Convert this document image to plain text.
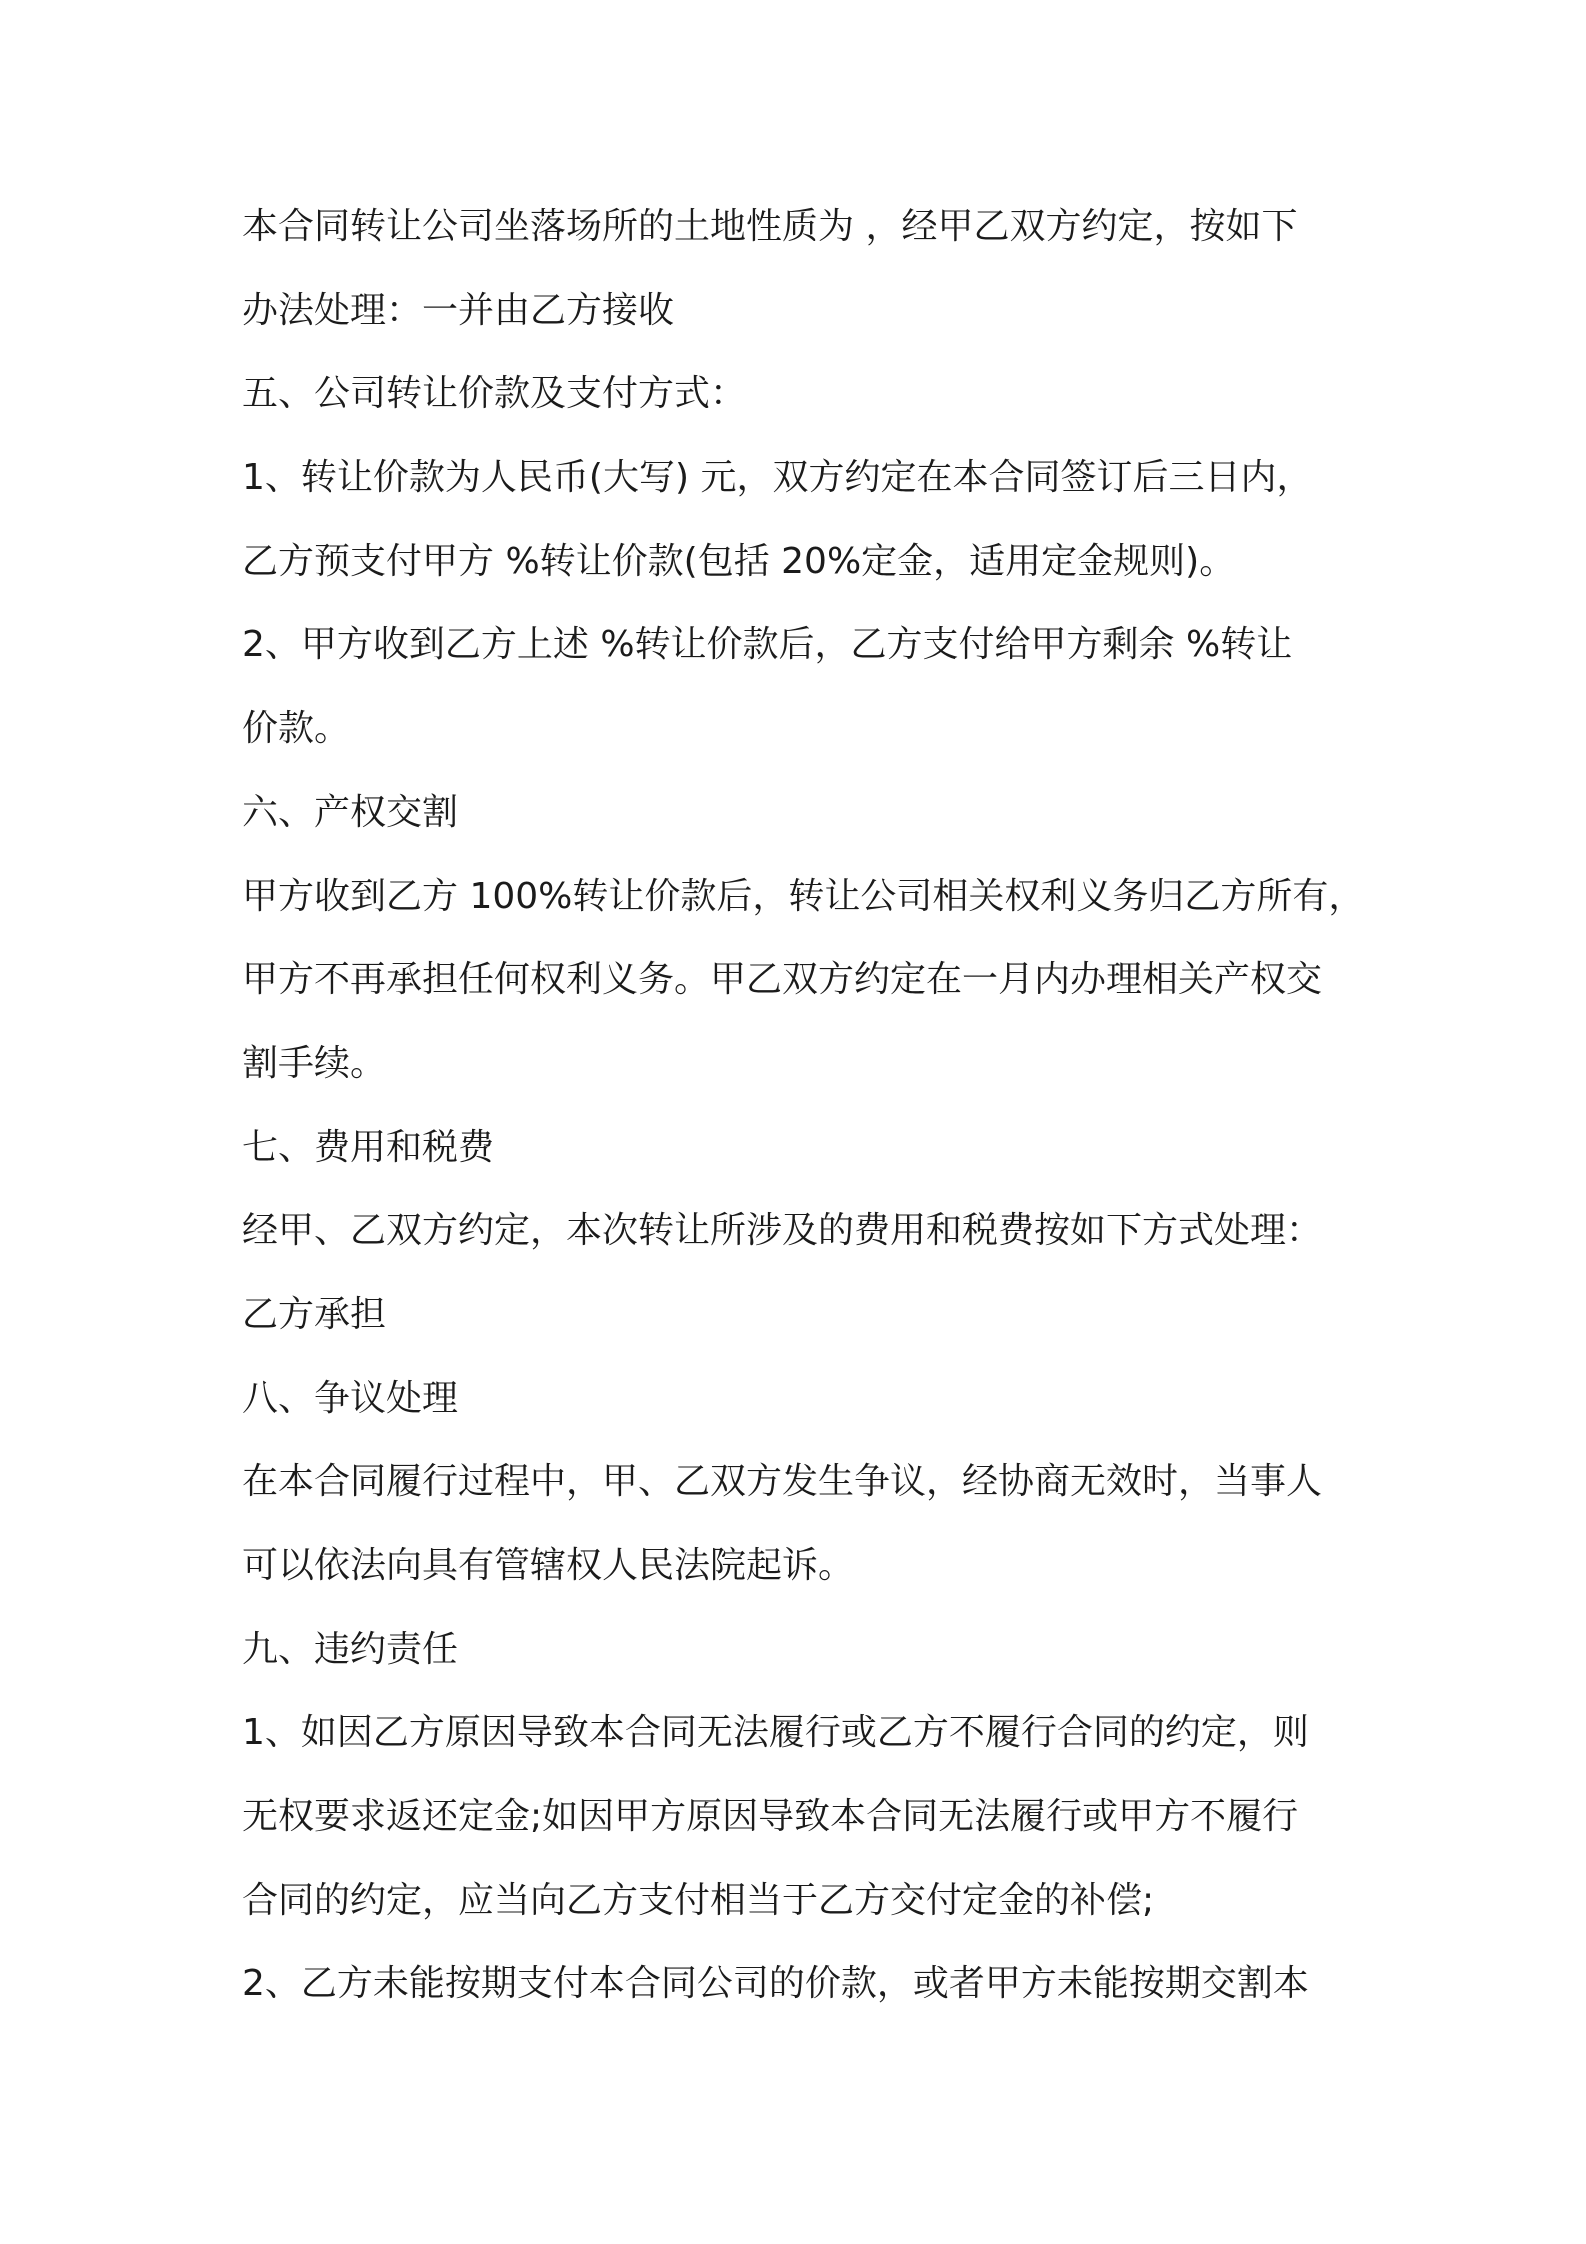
本合同转让公司坐落场所的土地性质为 ，经甲乙双方约定，按如下
办法处理：一并由乙方接收
五、公司转让价款及支付方式：
1、转让价款为人民币(大写) 元，双方约定在本合同签订后三日内，
乙方预支付甲方 %转让价款(包括 20%定金，适用定金规则)。
2、甲方收到乙方上述 %转让价款后，乙方支付给甲方剩余 %转让
价款。
六、产权交割
甲方收到乙方 100%转让价款后，转让公司相关权利义务归乙方所有，
甲方不再承担任何权利义务。甲乙双方约定在一月内办理相关产权交
割手续。
七、费用和税费
经甲、乙双方约定，本次转让所涉及的费用和税费按如下方式处理：
乙方承担
八、争议处理
在本合同履行过程中，甲、乙双方发生争议，经协商无效时，当事人
可以依法向具有管辖权人民法院起诉。
九、违约责任
1、如因乙方原因导致本合同无法履行或乙方不履行合同的约定，则
无权要求返还定金;如因甲方原因导致本合同无法履行或甲方不履行
合同的约定，应当向乙方支付相当于乙方交付定金的补偿;
2、乙方未能按期支付本合同公司的价款，或者甲方未能按期交割本
